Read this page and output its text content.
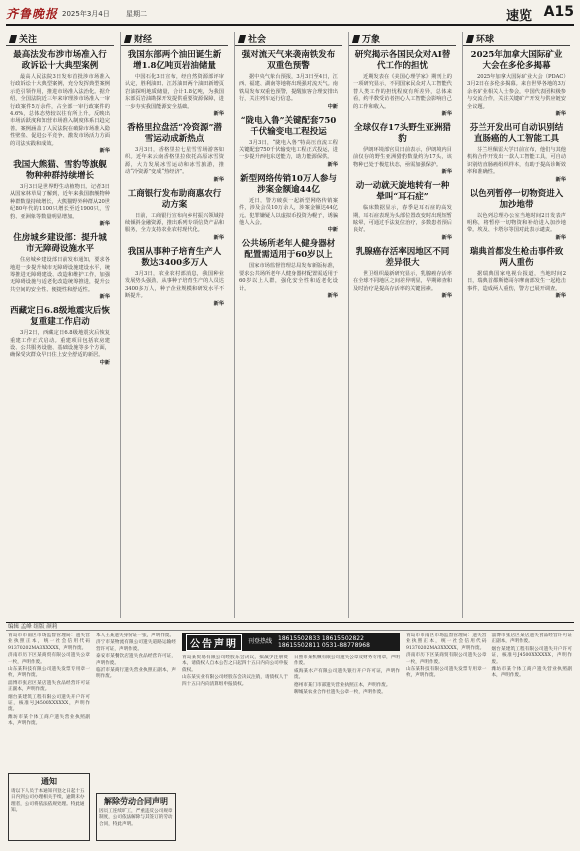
齐鲁晚报 2025年3月4日 星期二	速览 A15
关注
最高法发布涉市场准入行政诉讼十大典型案例
最高人民法院3日发布首批涉市场准入行政诉讼十大典型案例，充分发挥典型案例示范引领作用，推进市场准入法治化。据介绍，全国法院近三年来审理涉市场准入一审行政案件5万余件，占全部一审行政案件的4.6%，总体态势较以往有所上升。反映出市场活跃度和知营市场准入制度体系日趋完善。案例涵盖了人民法院在破除市场准入隐性壁垒、促进公平竞争、激发市场活力方面的司法实践和成效。
新华
我国大熊猫、雪豹等旗舰物种种群持续增长
3月3日是世界野生动植物日。记者3日从国家林草局了解到，近年来我国旗舰物种种群数量持续增长，大熊猫野外种群从20世纪80年代的1100只增长至近1900只，雪豹、亚洲象等数量明显增加。
新华
住房城乡建设部：提升城市无障碍设施水平
住房城乡建设部日前发布通知，要求各地进一步提升城市无障碍设施建设水平，统筹推进无障碍建设、改造和维护工作，加强无障碍设施与适老化改造统筹推进，提升公共空间的安全性、便捷性和舒适性。
新华
西藏定日6.8级地震灾后恢复重建工作启动
3月2日，西藏定日6.8级地震灾后恢复重建工作正式启动。重建项目包括农房建设、公共服务设施、基础设施等多个方面，确保受灾群众早日住上安全舒适的新居。
中新
财经
我国东部两个油田诞生新增1.8亿吨页岩油储量
中国石化3日宣布，经自然资源部评审认定，胜利油田、江苏油田两个油田新增页岩油探明地质储量，合计1.8亿吨，为我国东部页岩油勘探开发提供重要资源保障，进一步夯实我国能源安全基础。
新华
香格里拉盘活“冷资源”潜雪运动成新热点
3月3日，香格里拉七星雪雪场游客如织。近年来云南香格里拉依托高原冰雪资源，大力发展冰雪运动和冰雪旅游，推动“冷资源”变成“热经济”。
新华
工商银行发布助商惠农行动方案
日前，工商银行宣布向乡村振兴领域持续倾斜金融资源，推出系列专项信贷产品和服务，全力支持农业农村现代化。
新华
我国从事种子培育生产人数达3400多万人
3月3日，农业农村部消息，我国种业发展势头强劲，从事种子培育生产的人员达3400多万人，种子企业规模和研发水平不断提升。
新华
社会
强对流天气来袭南铁发布双重色预警
据中央气象台预报，3月3日至4日，江西、福建、湖南等地将出现强对流天气。南铁局发布双重色预警，提醒旅客合理安排出行，关注列车运行信息。
中新
“陇电入鲁”关键配套750千伏输变电工程投运
3月3日，“陇电入鲁”特高压直流工程关键配套750千伏输变电工程正式投运，进一步提升西电东送能力，助力能源保供。
新华
新型网络传销10万人参与涉案金额逾44亿
近日，警方破获一起新型网络传销案件，涉及会员10万余人，涉案金额达44亿元。犯罪嫌疑人以虚拟币投资为幌子，诱骗他人入会。
中新
公共场所老年人健身器材配置需适用于60岁以上
国家市场监督管理总局发布新版标准，要求公共场所老年人健身器材配置需适用于60岁以上人群，强化安全性和适老化设计。
新华
万象
研究揭示各国民众对AI替代工作的担忧
近期发表在《美国心理学家》期刊上的一项研究显示，不同国家民众对人工智能代替人类工作的担忧程度有所差异，总体来看，约半数受访者担心人工智能会影响自己的工作和收入。
新华
全球仅存17头野生亚洲猎豹
伊朗环境部官员日前表示，伊朗境内目前仅存的野生亚洲猎豹数量约为17头，该物种已处于极危状态，亟需加强保护。
新华
动一动就天旋地转有一种晕叫“耳石症”
临床数据显示，春季是耳石症的高发期，耳石症表现为头部位置改变时出现短暂眩晕，可通过手法复位治疗，多数患者预后良好。
新华
乳腺癌存活率因地区不同差异很大
世卫组织最新研究显示，乳腺癌存活率在全球不同地区之间差异明显，早期筛查和及时治疗是提高存活率的关键因素。
新华
环球
2025年加拿大国际矿业大会在多伦多揭幕
2025年加拿大国际矿业大会（PDAC）3月2日在多伦多揭幕。来自世界各地的3万余名矿业相关人士参会，中国代表团积极参与交流合作，关注关键矿产开发与供应链安全议题。
新华
芬兰开发出可自动识别结直肠癌的人工智能工具
芬兰坦佩雷大学日前宣布，他们与其他机构合作开发出一款人工智能工具，可自动识别结直肠癌组织样本，有助于提高诊断效率和准确性。
新华
以色列暂停一切物资进入加沙地带
以色列总理办公室当地时间2日发表声明称，将暂停一切物资和补给进入加沙地带。埃及、卡塔尔等国对此表示谴责。
新华
瑞典首都发生枪击事件致两人重伤
据瑞典国家电视台报道，当地时间2日，瑞典首都斯德哥尔摩南部发生一起枪击事件，造成两人重伤，警方已展开调查。
新华
编辑 孟峰 组版 颜莉
青岛市市南区市场监督管理局：遗失营业执照正本，统一社会信用代码91370202MA3XXXXX，声明作废。
济南市历下区某商贸有限公司遗失公章一枚，声明作废。
山东某科技有限公司遗失发票专用章一枚，声明作废。
淄博市张店区某店遗失食品经营许可证正副本，声明作废。
烟台某建筑工程有限公司遗失开户许可证，核准号J4500XXXXXX，声明作废。
潍坊市某个体工商户遗失营业执照副本，声明作废。
通知
请以下人员于本通知刊登之日起十五日内到公司办理相关手续，逾期未办理者，公司将依法依规处理。特此通知。
本人王某遗失身份证一张，声明作废。
济宁市某物流有限公司遗失道路运输经营许可证，声明作废。
泰安市某餐饮店遗失食品经营许可证，声明作废。
临沂市某商行遗失营业执照正副本，声明作废。
解除劳动合同声明
因员工连续旷工，严重违反公司规章制度，公司依法解除与其签订的劳动合同，特此声明。
公告声明	刊登热线
18615502833 18615502822
18615502811 0531-88778968
青岛某贸易有限公司经股东会决议，拟减少注册资本，请债权人自本公告之日起四十五日内向公司申报债权。
山东某实业有限公司经股东会决议注销，请债权人于四十五日内向清算组申报债权。
日照市某机械有限公司遗失公章及财务专用章，声明作废。
威海某水产有限公司遗失银行开户许可证，声明作废。
德州市某门市部遗失营业执照正本，声明作废。
聊城某农业合作社遗失公章一枚，声明作废。
青岛市市南区市场监督管理局：遗失营业执照正本，统一社会信用代码91370202MA3XXXXX，声明作废。
济南市历下区某商贸有限公司遗失公章一枚，声明作废。
山东某科技有限公司遗失发票专用章一枚，声明作废。
淄博市张店区某店遗失食品经营许可证正副本，声明作废。
烟台某建筑工程有限公司遗失开户许可证，核准号J4500XXXXXX，声明作废。
潍坊市某个体工商户遗失营业执照副本，声明作废。
